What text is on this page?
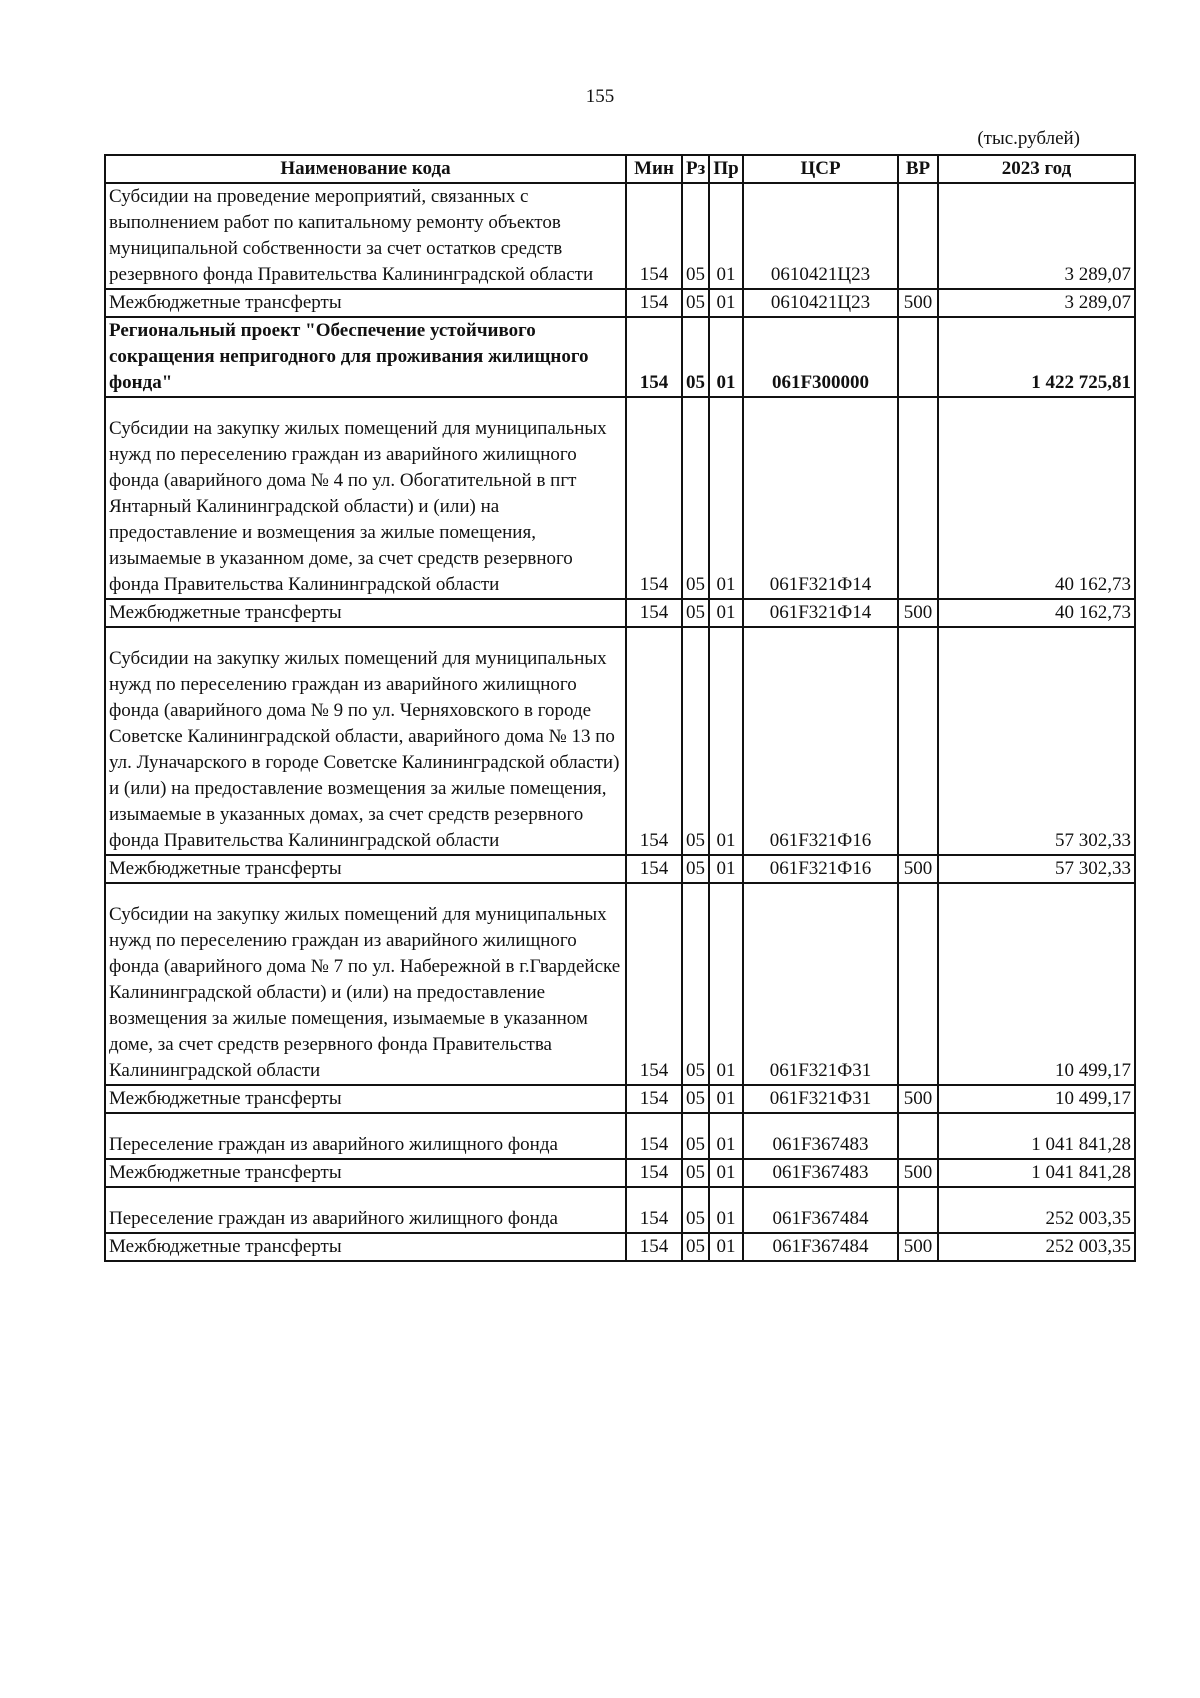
155
(тыс.рублей)
Наименование кода	Мин	Рз	Пр	ЦСР	ВР	2023 год
Субсидии на проведение мероприятий, связанных с выполнением работ по капитальному ремонту объектов муниципальной собственности за счет остатков средств резервного фонда Правительства Калининградской области	154	05	01	0610421Ц23		3 289,07
Межбюджетные трансферты	154	05	01	0610421Ц23	500	3 289,07
Региональный проект "Обеспечение устойчивого сокращения непригодного для проживания жилищного фонда"	154	05	01	061F300000		1 422 725,81
Субсидии на закупку жилых помещений для муниципальных нужд по переселению граждан из аварийного жилищного фонда (аварийного дома № 4 по ул. Обогатительной в пгт Янтарный Калининградской области) и (или) на предоставление и возмещения за жилые помещения, изымаемые в указанном доме, за счет средств резервного фонда Правительства Калининградской области	154	05	01	061F321Ф14		40 162,73
Межбюджетные трансферты	154	05	01	061F321Ф14	500	40 162,73
Субсидии на закупку жилых помещений для муниципальных нужд по переселению граждан из аварийного жилищного фонда (аварийного дома № 9 по ул. Черняховского в городе Советске Калининградской области, аварийного дома № 13 по ул. Луначарского в городе Советске Калининградской области) и (или) на предоставление возмещения за жилые помещения, изымаемые в указанных домах, за счет средств резервного фонда Правительства Калининградской области	154	05	01	061F321Ф16		57 302,33
Межбюджетные трансферты	154	05	01	061F321Ф16	500	57 302,33
Субсидии на закупку жилых помещений для муниципальных нужд по переселению граждан из аварийного жилищного фонда (аварийного дома № 7 по ул. Набережной в г.Гвардейске Калининградской области) и (или) на предоставление возмещения за жилые помещения, изымаемые в указанном доме, за счет средств резервного фонда Правительства Калининградской области	154	05	01	061F321Ф31		10 499,17
Межбюджетные трансферты	154	05	01	061F321Ф31	500	10 499,17
Переселение граждан из аварийного жилищного фонда	154	05	01	061F367483		1 041 841,28
Межбюджетные трансферты	154	05	01	061F367483	500	1 041 841,28
Переселение граждан из аварийного жилищного фонда	154	05	01	061F367484		252 003,35
Межбюджетные трансферты	154	05	01	061F367484	500	252 003,35
